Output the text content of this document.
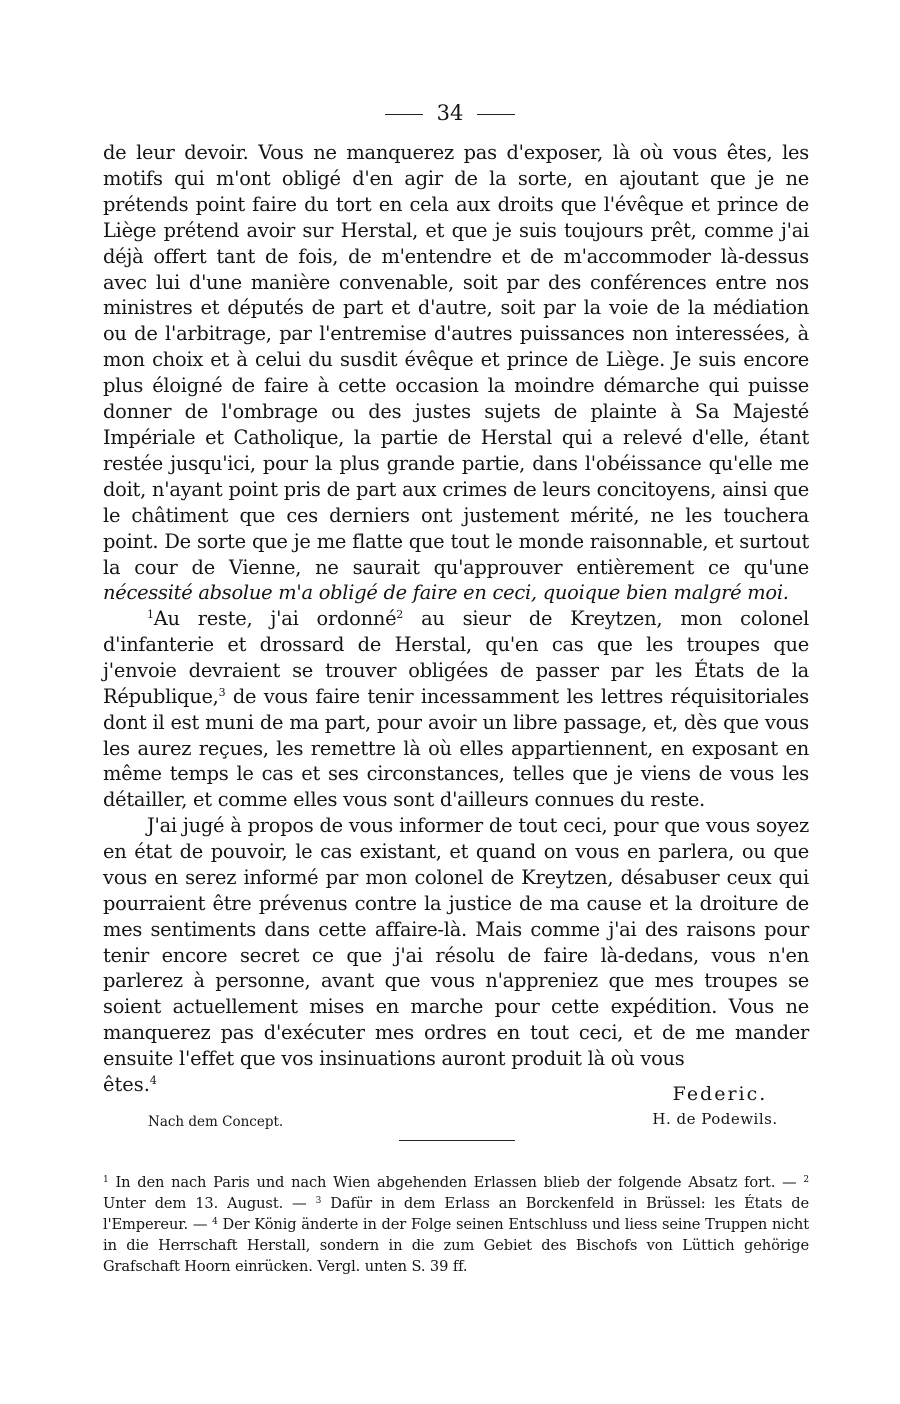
34

de leur devoir. Vous ne manquerez pas d'exposer, là où vous êtes, les motifs qui m'ont obligé d'en agir de la sorte, en ajoutant que je ne prétends point faire du tort en cela aux droits que l'évêque et prince de Liège prétend avoir sur Herstal, et que je suis toujours prêt, comme j'ai déjà offert tant de fois, de m'entendre et de m'accommoder là-dessus avec lui d'une manière convenable, soit par des conférences entre nos ministres et députés de part et d'autre, soit par la voie de la médiation ou de l'arbitrage, par l'entremise d'autres puissances non interessées, à mon choix et à celui du susdit évêque et prince de Liège. Je suis encore plus éloigné de faire à cette occasion la moindre démarche qui puisse donner de l'ombrage ou des justes sujets de plainte à Sa Majesté Impériale et Catholique, la partie de Herstal qui a relevé d'elle, étant restée jusqu'ici, pour la plus grande partie, dans l'obéissance qu'elle me doit, n'ayant point pris de part aux crimes de leurs concitoyens, ainsi que le châtiment que ces derniers ont justement mérité, ne les touchera point. De sorte que je me flatte que tout le monde raisonnable, et surtout la cour de Vienne, ne saurait qu'approuver entièrement ce qu'une nécessité absolue m'a obligé de faire en ceci, quoique bien malgré moi.

$^1$Au reste, j'ai ordonné$^2$ au sieur de Kreytzen, mon colonel d'infanterie et drossard de Herstal, qu'en cas que les troupes que j'envoie devraient se trouver obligées de passer par les États de la République,$^3$ de vous faire tenir incessamment les lettres réquisitoriales dont il est muni de ma part, pour avoir un libre passage, et, dès que vous les aurez reçues, les remettre là où elles appartiennent, en exposant en même temps le cas et ses circonstances, telles que je viens de vous les détailler, et comme elles vous sont d'ailleurs connues du reste.

J'ai jugé à propos de vous informer de tout ceci, pour que vous soyez en état de pouvoir, le cas existant, et quand on vous en parlera, ou que vous en serez informé par mon colonel de Kreytzen, désabuser ceux qui pourraient être prévenus contre la justice de ma cause et la droiture de mes sentiments dans cette affaire-là. Mais comme j'ai des raisons pour tenir encore secret ce que j'ai résolu de faire là-dedans, vous n'en parlerez à personne, avant que vous n'appreniez que mes troupes se soient actuellement mises en marche pour cette expédition. Vous ne manquerez pas d'exécuter mes ordres en tout ceci, et de me mander ensuite l'effet que vos insinuations auront produit là où vous

êtes.$^4$
Federic.
H. de Podewils.
Nach dem Concept.

$^1$ In den nach Paris und nach Wien abgehenden Erlassen blieb der folgende Absatz fort. — $^2$ Unter dem 13. August. — $^3$ Dafür in dem Erlass an Borckenfeld in Brüssel: les États de l'Empereur. — $^4$ Der König änderte in der Folge seinen Entschluss und liess seine Truppen nicht in die Herrschaft Herstall, sondern in die zum Gebiet des Bischofs von Lüttich gehörige Grafschaft Hoorn einrücken. Vergl. unten S. 39 ff.
